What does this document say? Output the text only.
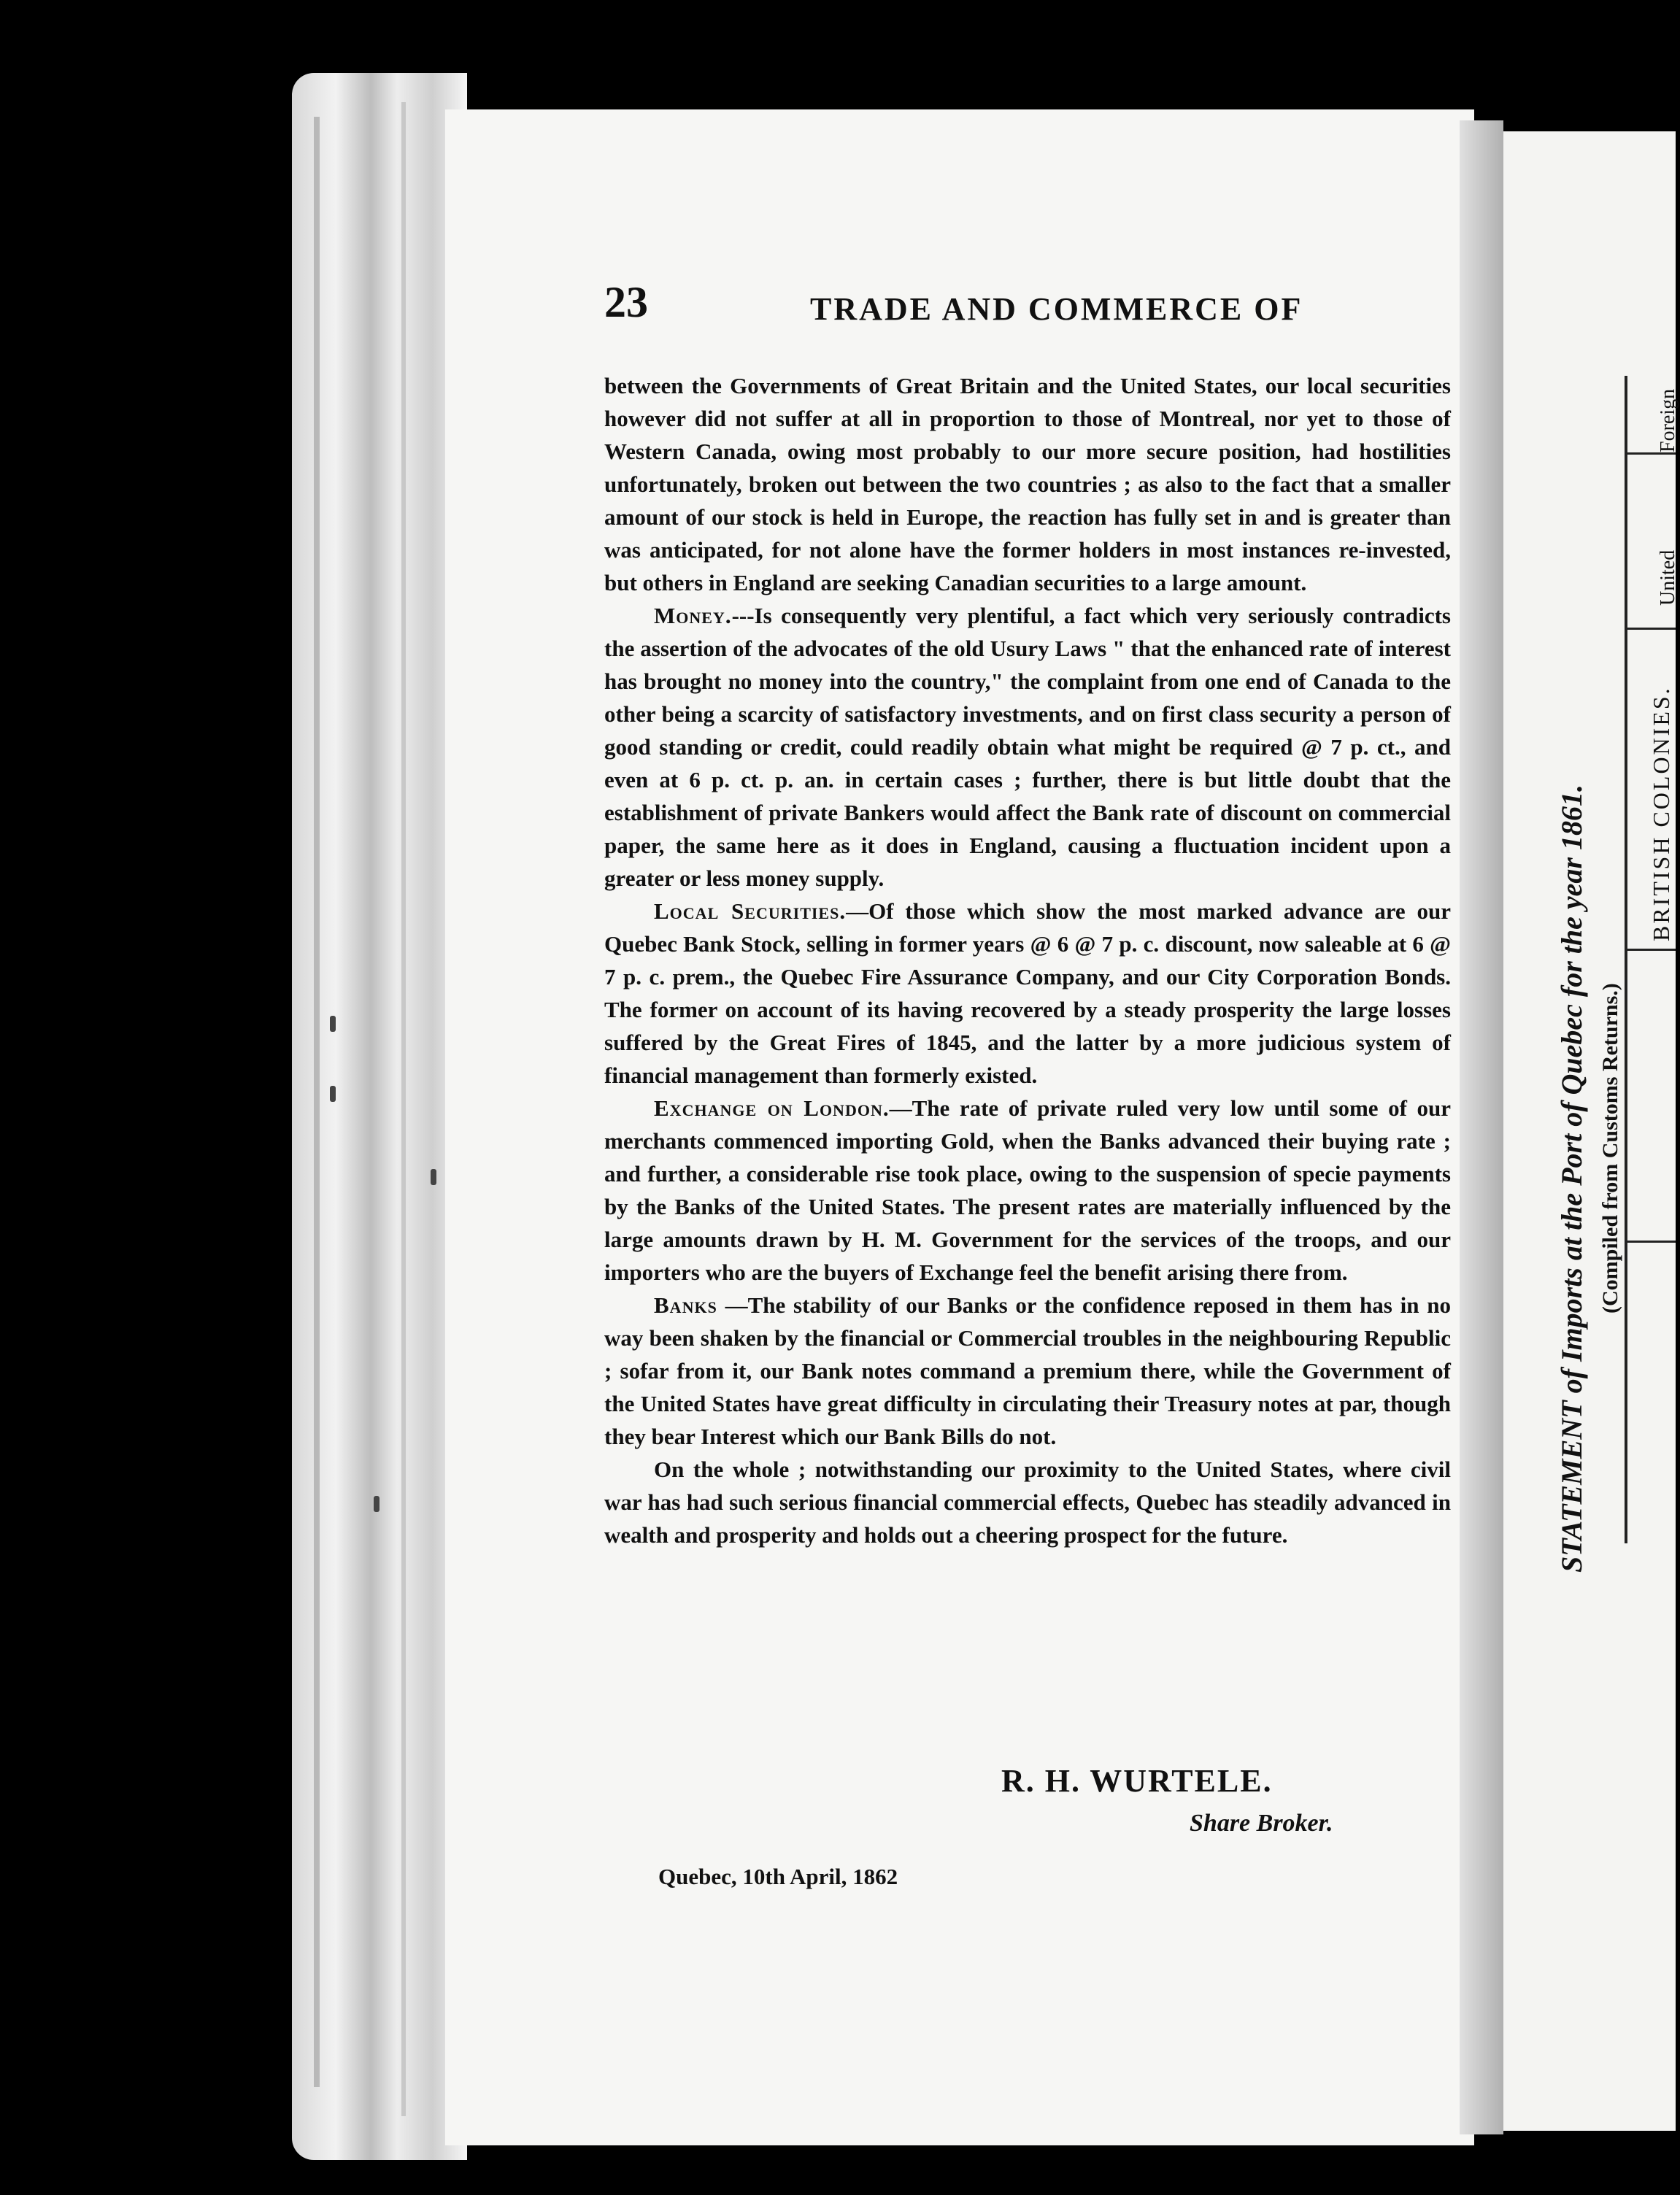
23	TRADE AND COMMERCE OF

between the Governments of Great Britain and the United States, our local securities however did not suffer at all in proportion to those of Montreal, nor yet to those of Western Canada, owing most probably to our more secure position, had hostilities unfortunately, broken out between the two countries ; as also to the fact that a smaller amount of our stock is held in Europe, the reaction has fully set in and is greater than was anticipated, for not alone have the former holders in most instances re-invested, but others in England are seeking Canadian securities to a large amount.

Money.---Is consequently very plentiful, a fact which very seriously contradicts the assertion of the advocates of the old Usury Laws " that the enhanced rate of interest has brought no money into the country," the complaint from one end of Canada to the other being a scarcity of satisfactory investments, and on first class security a person of good standing or credit, could readily obtain what might be required @ 7 p. ct., and even at 6 p. ct. p. an. in certain cases ; further, there is but little doubt that the establishment of private Bankers would affect the Bank rate of discount on commercial paper, the same here as it does in England, causing a fluctuation incident upon a greater or less money supply.

Local Securities.—Of those which show the most marked advance are our Quebec Bank Stock, selling in former years @ 6 @ 7 p. c. discount, now saleable at 6 @ 7 p. c. prem., the Quebec Fire Assurance Company, and our City Corporation Bonds. The former on account of its having recovered by a steady prosperity the large losses suffered by the Great Fires of 1845, and the latter by a more judicious system of financial management than formerly existed.

Exchange on London.—The rate of private ruled very low until some of our merchants commenced importing Gold, when the Banks advanced their buying rate ; and further, a considerable rise took place, owing to the suspension of specie payments by the Banks of the United States. The present rates are materially influenced by the large amounts drawn by H. M. Government for the services of the troops, and our importers who are the buyers of Exchange feel the benefit arising there from.

Banks —The stability of our Banks or the confidence reposed in them has in no way been shaken by the financial or Commercial troubles in the neighbouring Republic ; sofar from it, our Bank notes command a premium there, while the Government of the United States have great difficulty in circulating their Treasury notes at par, though they bear Interest which our Bank Bills do not.

On the whole ; notwithstanding our proximity to the United States, where civil war has had such serious financial commercial effects, Quebec has steadily advanced in wealth and prosperity and holds out a cheering prospect for the future.

R. H. WURTELE.
Share Broker.
Quebec, 10th April, 1862
STATEMENT of Imports at the Port of Quebec for the year 1861. (Compiled from Customs Returns.)
BRITISH COLONIES.
United
Foreign
